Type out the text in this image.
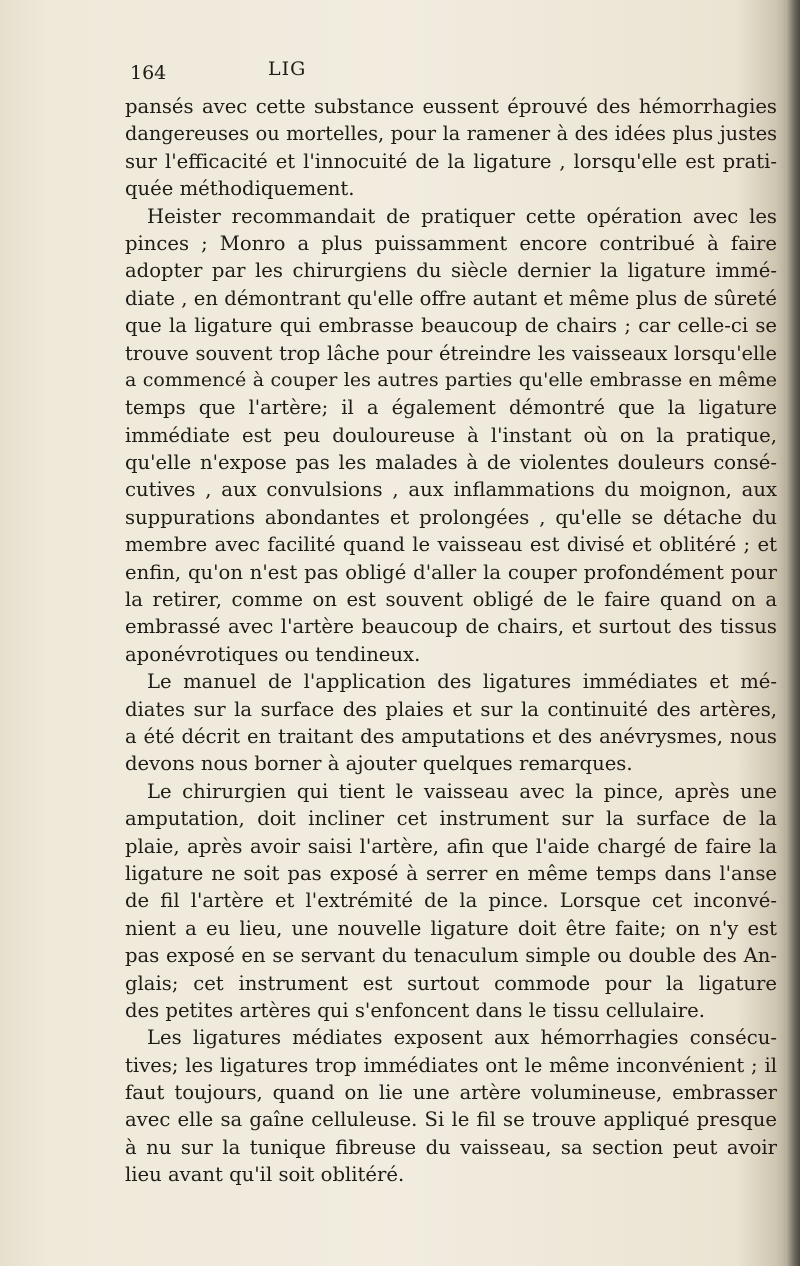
164	LIG
pansés avec cette substance eussent éprouvé des hémorrhagies
dangereuses ou mortelles, pour la ramener à des idées plus justes
sur l'efficacité et l'innocuité de la ligature , lorsqu'elle est prati-
quée méthodiquement.
Heister recommandait de pratiquer cette opération avec les
pinces ; Monro a plus puissamment encore contribué à faire
adopter par les chirurgiens du siècle dernier la ligature immé-
diate , en démontrant qu'elle offre autant et même plus de sûreté
que la ligature qui embrasse beaucoup de chairs ; car celle-ci se
trouve souvent trop lâche pour étreindre les vaisseaux lorsqu'elle
a commencé à couper les autres parties qu'elle embrasse en même
temps que l'artère; il a également démontré que la ligature
immédiate est peu douloureuse à l'instant où on la pratique,
qu'elle n'expose pas les malades à de violentes douleurs consé-
cutives , aux convulsions , aux inflammations du moignon, aux
suppurations abondantes et prolongées , qu'elle se détache du
membre avec facilité quand le vaisseau est divisé et oblitéré ; et
enfin, qu'on n'est pas obligé d'aller la couper profondément pour
la retirer, comme on est souvent obligé de le faire quand on a
embrassé avec l'artère beaucoup de chairs, et surtout des tissus
aponévrotiques ou tendineux.
Le manuel de l'application des ligatures immédiates et mé-
diates sur la surface des plaies et sur la continuité des artères,
a été décrit en traitant des amputations et des anévrysmes, nous
devons nous borner à ajouter quelques remarques.
Le chirurgien qui tient le vaisseau avec la pince, après une
amputation, doit incliner cet instrument sur la surface de la
plaie, après avoir saisi l'artère, afin que l'aide chargé de faire la
ligature ne soit pas exposé à serrer en même temps dans l'anse
de fil l'artère et l'extrémité de la pince. Lorsque cet inconvé-
nient a eu lieu, une nouvelle ligature doit être faite; on n'y est
pas exposé en se servant du tenaculum simple ou double des An-
glais; cet instrument est surtout commode pour la ligature
des petites artères qui s'enfoncent dans le tissu cellulaire.
Les ligatures médiates exposent aux hémorrhagies consécu-
tives; les ligatures trop immédiates ont le même inconvénient ; il
faut toujours, quand on lie une artère volumineuse, embrasser
avec elle sa gaîne celluleuse. Si le fil se trouve appliqué presque
à nu sur la tunique fibreuse du vaisseau, sa section peut avoir
lieu avant qu'il soit oblitéré.
